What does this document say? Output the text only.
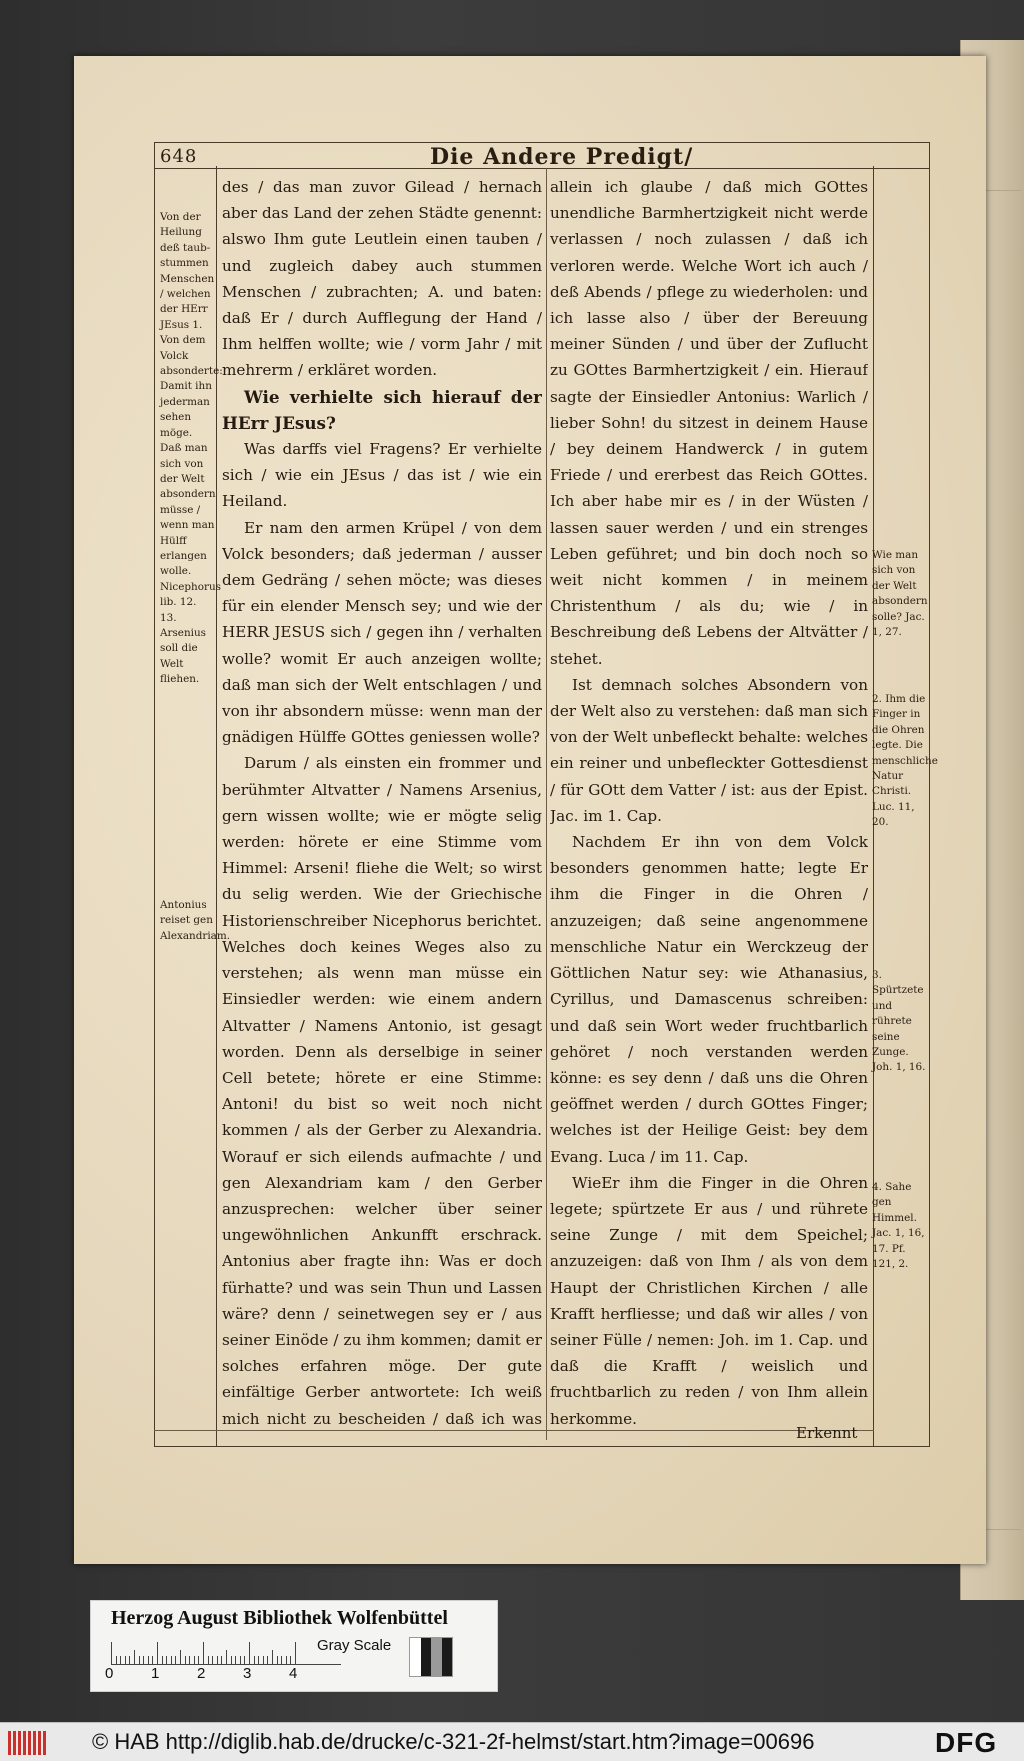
648	Die Andere Predigt/

des / das man zuvor Gilead / hernach aber das Land der zehen Städte genennt: alswo Ihm gute Leutlein einen tauben / und zugleich dabey auch stummen Menschen / zubrachten; A. und baten: daß Er / durch Aufflegung der Hand / Ihm helffen wollte; wie / vorm Jahr / mit mehrerm / erkläret worden.

Wie verhielte sich hierauf der HErr JEsus?

Was darffs viel Fragens? Er verhielte sich / wie ein JEsus / das ist / wie ein Heiland.

Er nam den armen Krüpel / von dem Volck besonders; daß jederman / ausser dem Gedräng / sehen möcte; was dieses für ein elender Mensch sey; und wie der HERR JESUS sich / gegen ihn / verhalten wolle? womit Er auch anzeigen wollte; daß man sich der Welt entschlagen / und von ihr absondern müsse: wenn man der gnädigen Hülffe GOttes geniessen wolle?

Darum / als einsten ein frommer und berühmter Altvatter / Namens Arsenius, gern wissen wollte; wie er mögte selig werden: hörete er eine Stimme vom Himmel: Arseni! fliehe die Welt; so wirst du selig werden. Wie der Griechische Historienschreiber Nicephorus berichtet. Welches doch keines Weges also zu verstehen; als wenn man müsse ein Einsiedler werden: wie einem andern Altvatter / Namens Antonio, ist gesagt worden. Denn als derselbige in seiner Cell betete; hörete er eine Stimme: Antoni! du bist so weit noch nicht kommen / als der Gerber zu Alexandria. Worauf er sich eilends aufmachte / und gen Alexandriam kam / den Gerber anzusprechen: welcher über seiner ungewöhnlichen Ankunfft erschrack. Antonius aber fragte ihn: Was er doch fürhatte? und was sein Thun und Lassen wäre? denn / seinetwegen sey er / aus seiner Einöde / zu ihm kommen; damit er solches erfahren möge. Der gute einfältige Gerber antwortete: Ich weiß mich nicht zu bescheiden / daß ich was

allein ich glaube / daß mich GOttes unendliche Barmhertzigkeit nicht werde verlassen / noch zulassen / daß ich verloren werde. Welche Wort ich auch / deß Abends / pflege zu wiederholen: und ich lasse also / über der Bereuung meiner Sünden / und über der Zuflucht zu GOttes Barmhertzigkeit / ein. Hierauf sagte der Einsiedler Antonius: Warlich / lieber Sohn! du sitzest in deinem Hause / bey deinem Handwerck / in gutem Friede / und ererbest das Reich GOttes. Ich aber habe mir es / in der Wüsten / lassen sauer werden / und ein strenges Leben geführet; und bin doch noch so weit nicht kommen / in meinem Christenthum / als du; wie / in Beschreibung deß Lebens der Altvätter / stehet.

Ist demnach solches Absondern von der Welt also zu verstehen: daß man sich von der Welt unbefleckt behalte: welches ein reiner und unbefleckter Gottesdienst / für GOtt dem Vatter / ist: aus der Epist. Jac. im 1. Cap.

Nachdem Er ihn von dem Volck besonders genommen hatte; legte Er ihm die Finger in die Ohren / anzuzeigen; daß seine angenommene menschliche Natur ein Werckzeug der Göttlichen Natur sey: wie Athanasius, Cyrillus, und Damascenus schreiben: und daß sein Wort weder fruchtbarlich gehöret / noch verstanden werden könne: es sey denn / daß uns die Ohren geöffnet werden / durch GOttes Finger; welches ist der Heilige Geist: bey dem Evang. Luca / im 11. Cap.

WieEr ihm die Finger in die Ohren legete; spürtzete Er aus / und rührete seine Zunge / mit dem Speichel; anzuzeigen: daß von Ihm / als von dem Haupt der Christlichen Kirchen / alle Krafft herfliesse; und daß wir alles / von seiner Fülle / nemen: Joh. im 1. Cap. und daß die Krafft / weislich und fruchtbarlich zu reden / von Ihm allein herkomme.

Von der Heilung deß taub-stummen Menschen / welchen der HErr JEsus 1. Von dem Volck absonderte: Damit ihn jederman sehen möge. Daß man sich von der Welt absondern müsse / wenn man Hülff erlangen wolle. Nicephorus lib. 12. 13. Arsenius soll die Welt fliehen.
Antonius reiset gen Alexandriam.
Wie man sich von der Welt absondern solle? Jac. 1, 27.
2. Ihm die Finger in die Ohren legte. Die menschliche Natur Christi. Luc. 11, 20.
3. Spürtzete und rührete seine Zunge. Joh. 1, 16.
4. Sahe gen Himmel. Jac. 1, 16, 17. Pf. 121, 2.
Erkennt
Herzog August Bibliothek Wolfenbüttel
0	1	2	3	4
Gray Scale
© HAB http://diglib.hab.de/drucke/c-321-2f-helmst/start.htm?image=00696	DFG
